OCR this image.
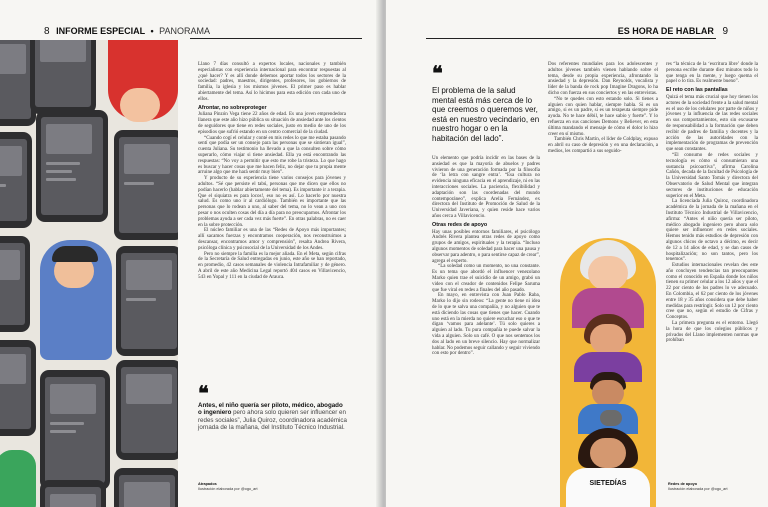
8 INFORME ESPECIAL • PANORAMA

Llano 7 días consultó a expertos locales, nacionales y también especialistas con experiencia internacional para encontrar respuestas al ¿qué hacer? Y es allí donde debemos aportar todos los sectores de la sociedad: padres, maestros, dirigentes, profesores, los gobiernos de familia, la iglesia y los mismos jóvenes. El primer paso es hablar abiertamente del tema. Así lo hicimos para esta edición con cada uno de ellos.

Afrontar, no sobreproteger

Juliana Pinzón Vega tiene 22 años de edad. Es una joven emprendedora llanera que este año hizo pública su situación de ansiedad ante los cientos de seguidores que tiene en redes sociales, justo en medio de uno de los episodios que sufrió estando en un centro comercial de la ciudad.

“Cuando cogí el celular y conté en mis redes lo que me estaba pasando sentí que podía ser un consejo para las personas que se sintieran igual”, cuenta Juliana. Su testimonio ha llevado a que la consulten sobre cómo superarlo, cómo viajar si tiene ansiedad. Ella ya está encontrando las respuestas: “No voy a permitir que esto me robe la tristeza. Lo que hago es buscar y hacer cosas que me hacen feliz, no dejar que tu propia mente arruine algo que me hará sentir muy bien”.

Y producto de su experiencia tiene varios consejos para jóvenes y adultos. “Sé que persiste el tabú, personas que me dicen que ellos no podían hacerlo (hablar abiertamente del tema). Es importante ir a terapia. Que el siquiatra es para locos!, eso no es así. Lo hacerlo por nuestra salud. Es como uno ir al cardiólogo. También es importante que las personas que lo rodean a uno, al saber del tema, no lo vean a uno con pesar o nos oculten cosas del día a día para no preocuparnos. Afrontar los problemas ayuda a ser cada vez más fuerte”. En otras palabras, no es caer en la sobre protección.

El núcleo familiar es una de las “Redes de Apoyo más importantes; allí sacamos fuerzas y encontramos cooperación, nos reconstruimos a descansar, encontramos amor y comprensión”, resalta Andrea Rivera, psicóloga clínica y psicosocial de la Universidad de los Andes.

Pero no siempre la familia es la mejor aliada. En el Meta, según cifras de la Secretaría de Salud entregadas en junio, este año se han reportado, en promedio, 42 casos semanales de violencia Intrafamiliar y de género. A abril de este año Medicina Legal reportó 404 casos en Villavicencio, 543 en Yopal y 111 en la ciudad de Arauca.

❝
Antes, el niño quería ser piloto, médico, abogado o ingeniero pero ahora solo quieren ser influencer en redes sociales”, Julia Quiroz, coordinadora académica jornada de la mañana, del Instituto Técnico Industrial.
Atrapados
Ilustración elaborada por @ogo_art
ES HORA DE HABLAR 9
❝
El problema de la salud mental está más cerca de lo que creemos o queremos ver, está en nuestro vecindario, en nuestro hogar o en la habitación del lado”.

Un elemento que podría incidir en las bases de la ansiedad es que la mayoría de abuelos y padres vivieron de una generación formada por la filosofía de ‘la letra con sangre entra’. “Esa cultura no evidencia ninguna eficacia en el aprendizaje, ni en las interacciones sociales. La paciencia, flexibilidad y adaptación son las coordenadas del mundo contemporáneo”, explica Arelia Fernández, ex directora del Instituto de Promoción de Salud de la Universidad Javeriana, y quien reside hace varios años cerca a Villavicencio.

Otras redes de apoyo

Hay unas posibles entornos familiares, el psicólogo Andrés Rivera plantea otras redes de apoyo como grupos de amigos, espirituales y la terapia. “Incluso algunos momentos de soledad para hacer una pausa y observar para adentro, o para sentirse capaz de crear”, agrega el experto.

“La soledad como un momento, no una constante. Es un tema que abordó el influencer venezolano Marko quien trae el suicidio de un amigo, grabó un video con el creador de contenidos Felipe Saruma que fue viral en redes a finales del año pasado.

En mayo, en entrevista con Juan Pablo Raba, Marko lo dijo sin rodeos: “La gente no tiene ni idea de lo que te salva una compañía, y no alguien que te está diciendo las cosas que tienes que hacer. Cuando uno está en la mierda no quiere escuchar eso o que te digan ‘vamos para adelante’. Tú solo quieres a alguien al lado. Tu pura compañía te puede salvar la vida a alguien. Solo un café. O que nos sentemos los dos al lado en un breve silencio. Hay que normalizar hablar. No podemos seguir callando y seguir viviendo con esto por dentro”.

Dos referentes mundiales para los adolescentes y adultos jóvenes también vienen hablando sobre el tema, desde su propia experiencia, afrontando la ansiedad y la depresión. Dan Reynolds, vocalista y líder de la banda de rock pop Imagine Dragons, lo ha dicho con fuerza en sus conciertos y en las entrevistas.

“No te quedes con esto estando solo. Si tienes a alguien con quien hablar, siempre habla. Si es un amigo, si es un padre, si es un terapeuta siempre pide ayuda. No te hace débil, te hace sabio y fuerte”. Y lo refuerza en sus canciones Demons y Believer, en esta última mandando el mensaje de cómo el dolor lo hizo creer en sí mismo.

También Chris Martin, el líder de Coldplay, expuso en abril su caso de depresión y en una declaración, a medios, les compartió a sus seguido-

res “la técnica de la ‘escritura libre’ donde la persona escribe durante diez minutos todo lo que tenga en la mente, y luego quema el papel o lo tira. Es realmente bueno”.

El reto con las pantallas

Quizá el tema más crucial que hoy tienen los actores de la sociedad frente a la salud mental es el uso de los celulares por parte de niños y jóvenes y la influencia de las redes sociales en sus comportamientos, esto sin excusarse de responsabilidad a la formación que deben recibir de padres de familia y docentes y la acción de las autoridades con la implementación de programas de prevención que sean constantes.

“El consumo de redes sociales y tecnología es cómo si consumieran una sustancia psicoactiva”, afirma Carolina Cañón, decada de la facultad de Psicología de la Universidad Santo Tomás y directora del Observatorio de Salud Mental que integran sectores de instituciones de educación superior en el Meta.

La licenciada Julia Quiroz, coordinadora académica de la jornada de la mañana en el Instituto Técnico Industrial de Villavicencio, afirma: “Antes el niño quería ser piloto, médico abogado ingeniero pero ahora solo quiere ser influencer en redes sociales. Hemos tenido más estudios de depresión con algunos chicos de octavo a décimo, es decir de 12 a 14 años de edad, y se dan casos de hospitalización; no son tantos, pero los tenemos”.

Estudios internacionales revelan des este año concluyen tendencias tan preocupantes como el conocido en España donde los niños tienen su primer celular a los 12 años y que el 22 por ciento de los padres lo ve adecuado. En Colombia, el 62 por ciento de los jóvenes entre 18 y 35 años considera que debe haber medidas para restringir. Solo un 12 por ciento cree que no, según el estudio de Cifras y Conceptos.

La primera pregunta es el entorno. Llegó la hora de que los colegios públicos y privados del Llano implementen normas que prohíban

SIETEDÍAS	Redes de apoyo
Ilustración elaborada por @ogo_art
